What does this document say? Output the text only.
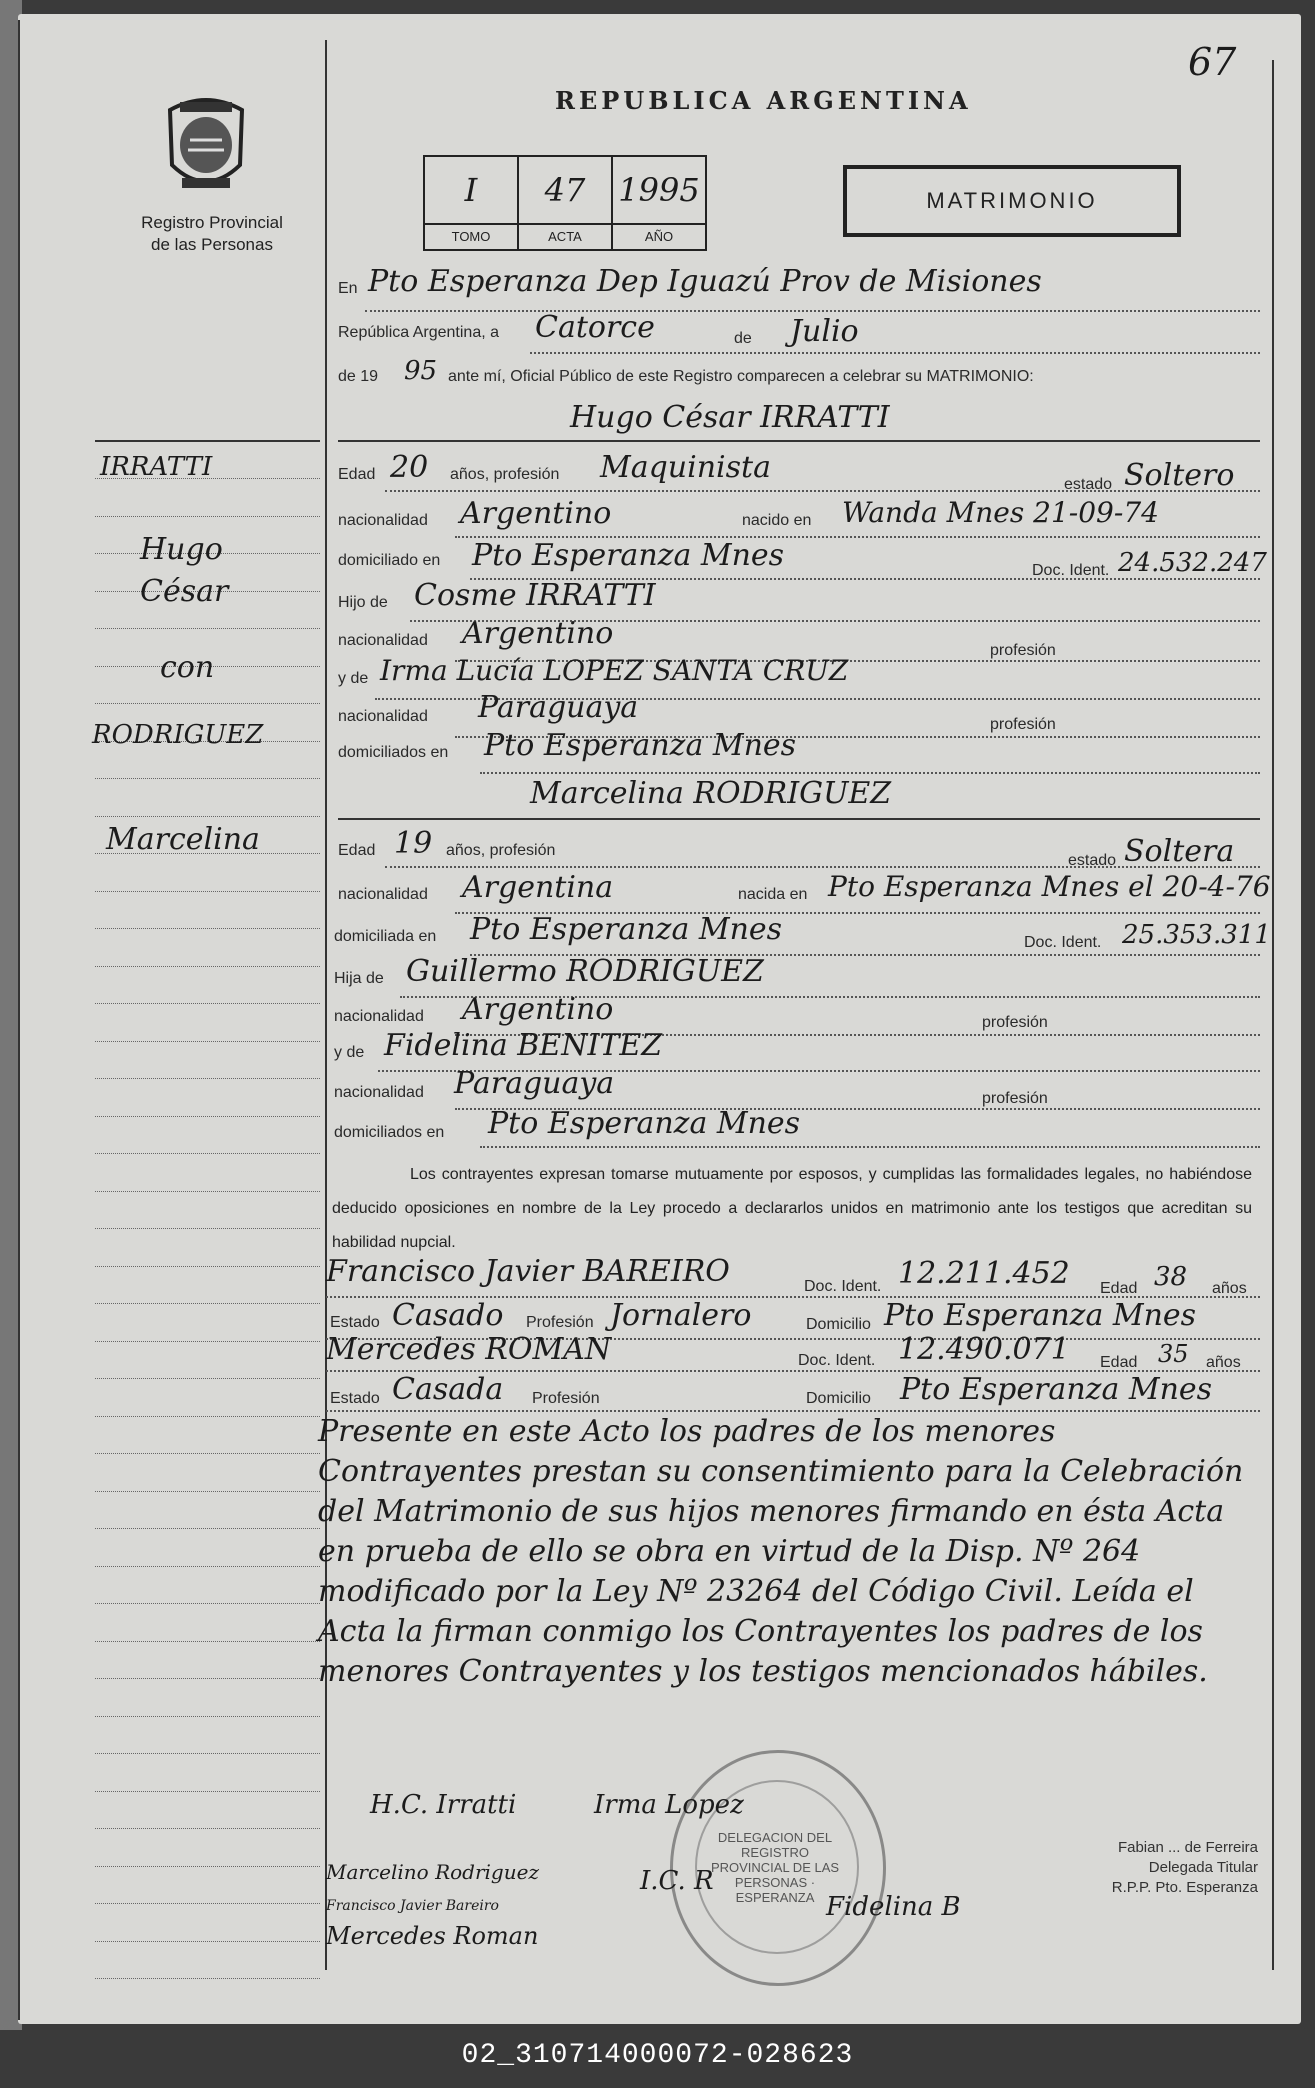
67
Registro Provincial
de las Personas
REPUBLICA ARGENTINA
I
TOMO
47
ACTA
1995
AÑO
MATRIMONIO
IRRATTI
Hugo
César
con
RODRIGUEZ
Marcelina
En Pto Esperanza Dep Iguazú Prov de Misiones
República Argentina, a Catorce	de Julio
de 19 95 ante mí, Oficial Público de este Registro comparecen a celebrar su MATRIMONIO:
Hugo César IRRATTI
Edad 20 años, profesión Maquinista	estado Soltero
nacionalidad Argentino	nacido en Wanda Mnes 21-09-74
domiciliado en Pto Esperanza Mnes	Doc. Ident. 24.532.247
Hijo de Cosme IRRATTI
nacionalidad Argentino	profesión
y de Irma Lucía LOPEZ SANTA CRUZ
nacionalidad Paraguaya	profesión
domiciliados en Pto Esperanza Mnes
Marcelina RODRIGUEZ
Edad 19 años, profesión
estado Soltera
nacionalidad Argentina	nacida en Pto Esperanza Mnes el 20-4-76
domiciliada en Pto Esperanza Mnes	Doc. Ident. 25.353.311
Hija de Guillermo RODRIGUEZ
nacionalidad Argentino	profesión
y de Fidelina BENITEZ
nacionalidad Paraguaya	profesión
domiciliados en Pto Esperanza Mnes
Los contrayentes expresan tomarse mutuamente por esposos, y cumplidas las formalidades legales, no habiéndose deducido oposiciones en nombre de la Ley procedo a declararlos unidos en matrimonio ante los testigos que acreditan su habilidad nupcial.
Francisco Javier BAREIRO	Doc. Ident. 12.211.452 Edad 38 años
Estado Casado Profesión Jornalero	Domicilio Pto Esperanza Mnes
Mercedes ROMAN	Doc. Ident. 12.490.071 Edad 35 años
Estado Casada Profesión	Domicilio Pto Esperanza Mnes
Presente en este Acto los padres de los menores Contrayentes prestan su consentimiento para la Celebración del Matrimonio de sus hijos menores firmando en ésta Acta en prueba de ello se obra en virtud de la Disp. Nº 264 modificado por la Ley Nº 23264 del Código Civil. Leída el Acta la firman conmigo los Contrayentes los padres de los menores Contrayentes y los testigos mencionados hábiles.
DELEGACION DEL REGISTRO PROVINCIAL DE LAS PERSONAS · ESPERANZA
H.C. Irratti	Irma Lopez
Marcelino Rodriguez	I.C. R
Fidelina B
Francisco Javier Bareiro
Mercedes Roman
Fabian ... de Ferreira
Delegada Titular
R.P.P. Pto. Esperanza
02_310714000072-028623
